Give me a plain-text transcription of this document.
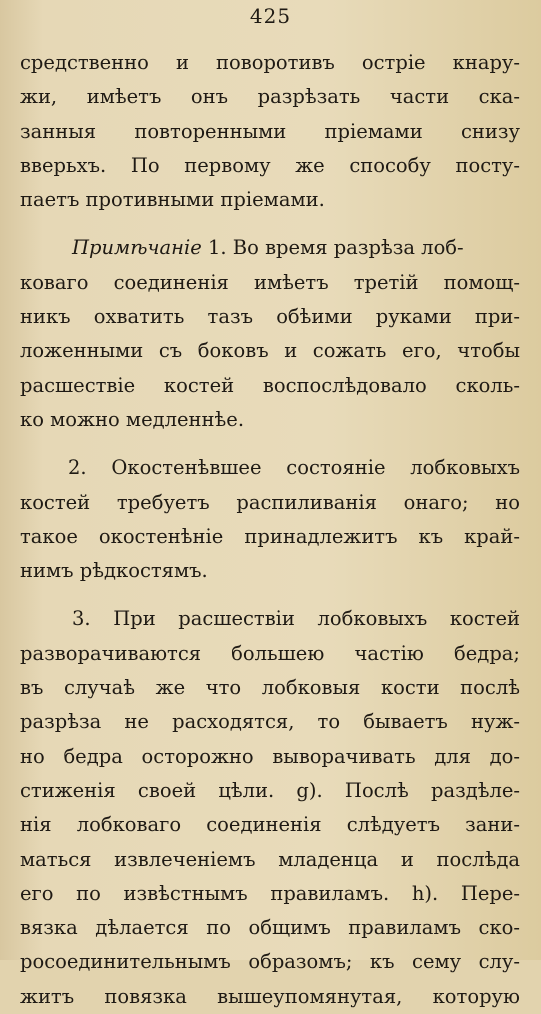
425
средственно и поворотивъ остріе кнару-
жи, имѣетъ онъ разрѣзать части ска-
занныя повторенными пріемами снизу
вверьхъ. По первому же способу посту-
паетъ противными пріемами.
Примѣчаніе 1. Во время разрѣза лоб-
коваго соединенія имѣетъ третій помощ-
никъ охватить тазъ обѣими руками при-
ложенными съ боковъ и сожать его, чтобы
расшествіе костей воспослѣдовало сколь-
ко можно медленнѣе.
2. Окостенѣвшее состояніе лобковыхъ
костей требуетъ распиливанія онаго; но
такое окостенѣніе принадлежитъ къ край-
нимъ рѣдкостямъ.
3. При расшествіи лобковыхъ костей
разворачиваются большею частію бедра;
въ случаѣ же что лобковыя кости послѣ
разрѣза не расходятся, то бываетъ нуж-
но бедра осторожно выворачивать для до-
стиженія своей цѣли. g). Послѣ раздѣле-
нія лобковаго соединенія слѣдуетъ зани-
маться извлеченіемъ младенца и послѣда
его по извѣстнымъ правиламъ. h). Пере-
вязка дѣлается по общимъ правиламъ ско-
росоединительнымъ образомъ; къ сему слу-
житъ повязка вышеупомянутая, которую
